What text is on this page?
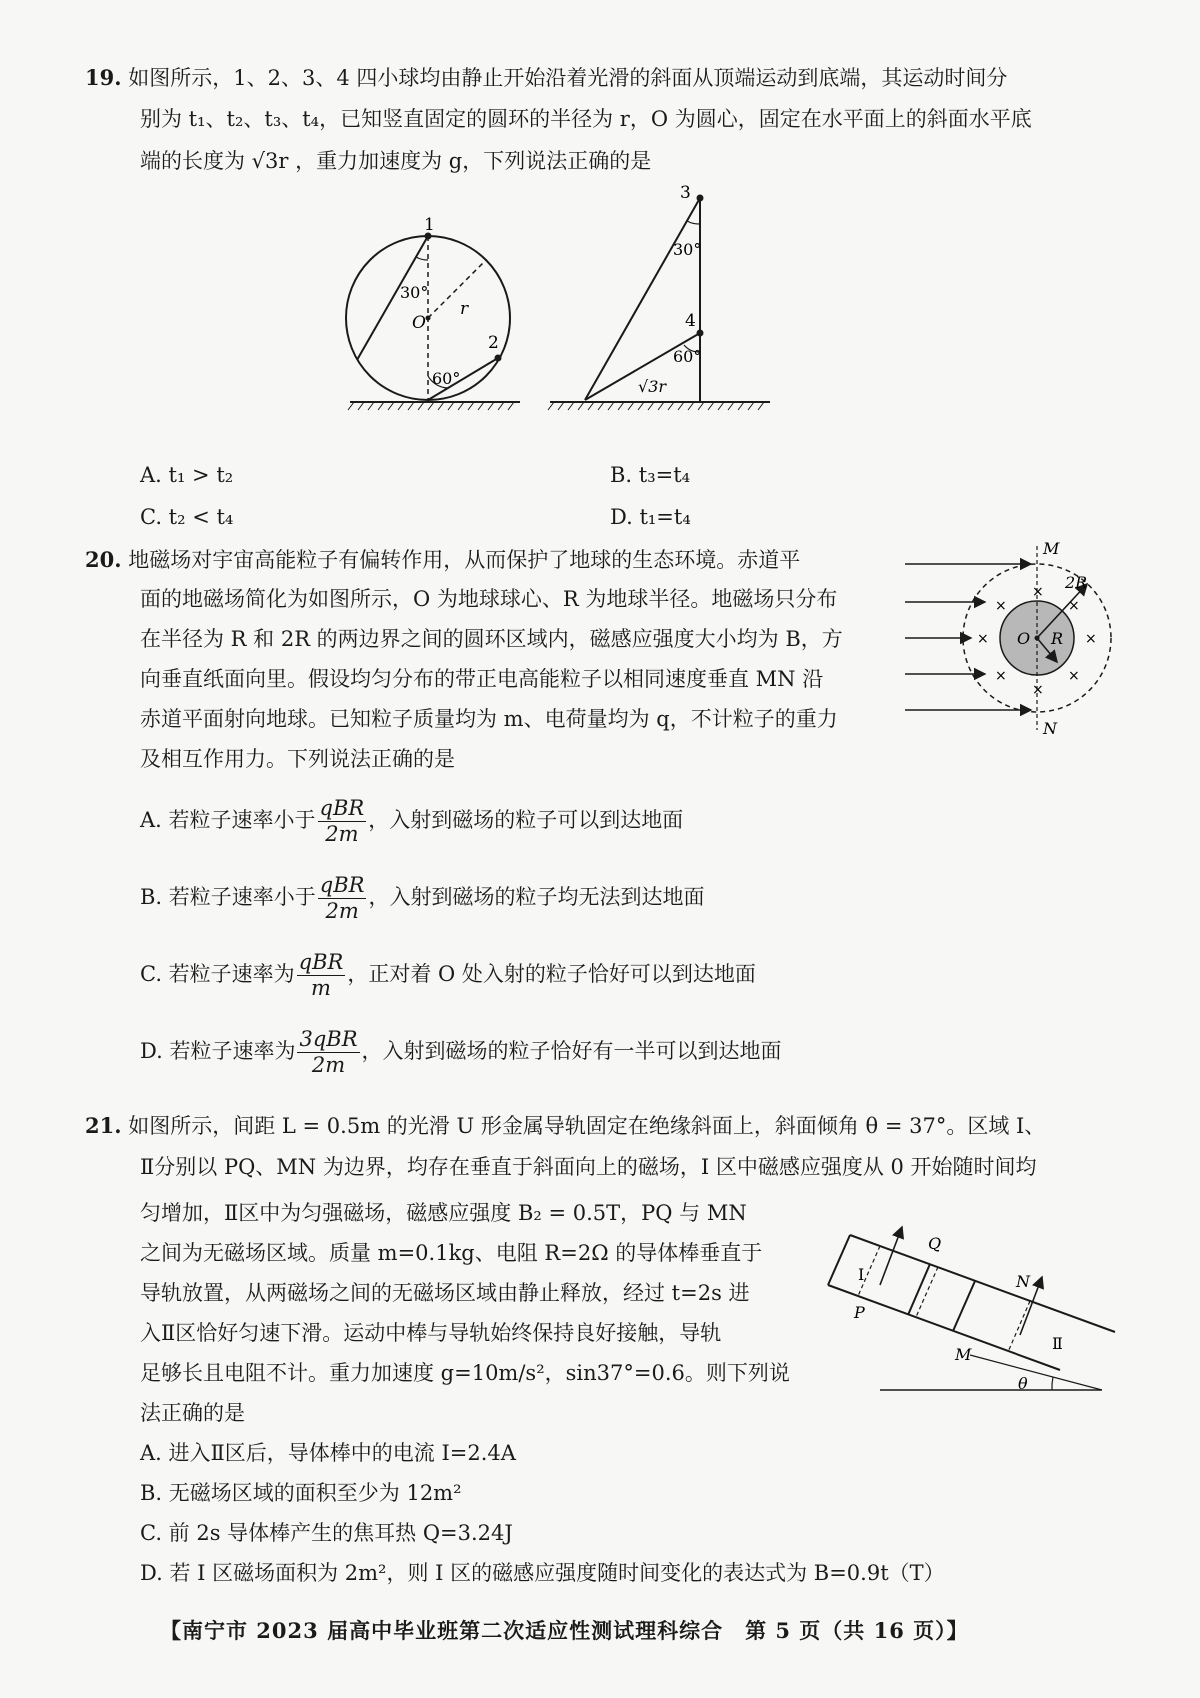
19. 如图所示，1、2、3、4 四小球均由静止开始沿着光滑的斜面从顶端运动到底端，其运动时间分
别为 t₁、t₂、t₃、t₄，已知竖直固定的圆环的半径为 r，O 为圆心，固定在水平面上的斜面水平底
端的长度为 √3r ，重力加速度为 g，下列说法正确的是
1
2
30°
O
r
60°
3
30°
4
60°
√3r
A. t₁ > t₂	B. t₃=t₄
C. t₂ < t₄	D. t₁=t₄
20. 地磁场对宇宙高能粒子有偏转作用，从而保护了地球的生态环境。赤道平
面的地磁场简化为如图所示，O 为地球球心、R 为地球半径。地磁场只分布
在半径为 R 和 2R 的两边界之间的圆环区域内，磁感应强度大小均为 B，方
向垂直纸面向里。假设均匀分布的带正电高能粒子以相同速度垂直 MN 沿
赤道平面射向地球。已知粒子质量均为 m、电荷量均为 q，不计粒子的重力
及相互作用力。下列说法正确的是
×
×	×
×	×
×	×
×
M
N
O R
2R
A. 若粒子速率小于 $\frac{\text{qBR}}{2m}$ ，入射到磁场的粒子可以到达地面
B. 若粒子速率小于 $\frac{\text{qBR}}{2m}$ ，入射到磁场的粒子均无法到达地面
C. 若粒子速率为 $\frac{\text{qBR}}{m}$ ，正对着 O 处入射的粒子恰好可以到达地面
D. 若粒子速率为 $\frac{\text{3qBR}}{2m}$ ，入射到磁场的粒子恰好有一半可以到达地面
21. 如图所示，间距 L = 0.5m 的光滑 U 形金属导轨固定在绝缘斜面上，斜面倾角 θ = 37°。区域 I、
Ⅱ分别以 PQ、MN 为边界，均存在垂直于斜面向上的磁场，I 区中磁感应强度从 0 开始随时间均
匀增加，Ⅱ区中为匀强磁场，磁感应强度 B₂ = 0.5T，PQ 与 MN
之间为无磁场区域。质量 m=0.1kg、电阻 R=2Ω 的导体棒垂直于
导轨放置，从两磁场之间的无磁场区域由静止释放，经过 t=2s 进
入Ⅱ区恰好匀速下滑。运动中棒与导轨始终保持良好接触，导轨
足够长且电阻不计。重力加速度 g=10m/s²，sin37°=0.6。则下列说
法正确的是
Q
N
P
M
I
Ⅱ
θ
A. 进入Ⅱ区后，导体棒中的电流 I=2.4A
B. 无磁场区域的面积至少为 12m²
C. 前 2s 导体棒产生的焦耳热 Q=3.24J
D. 若 I 区磁场面积为 2m²，则 I 区的磁感应强度随时间变化的表达式为 B=0.9t（T）
【南宁市 2023 届高中毕业班第二次适应性测试理科综合　第 5 页（共 16 页）】
